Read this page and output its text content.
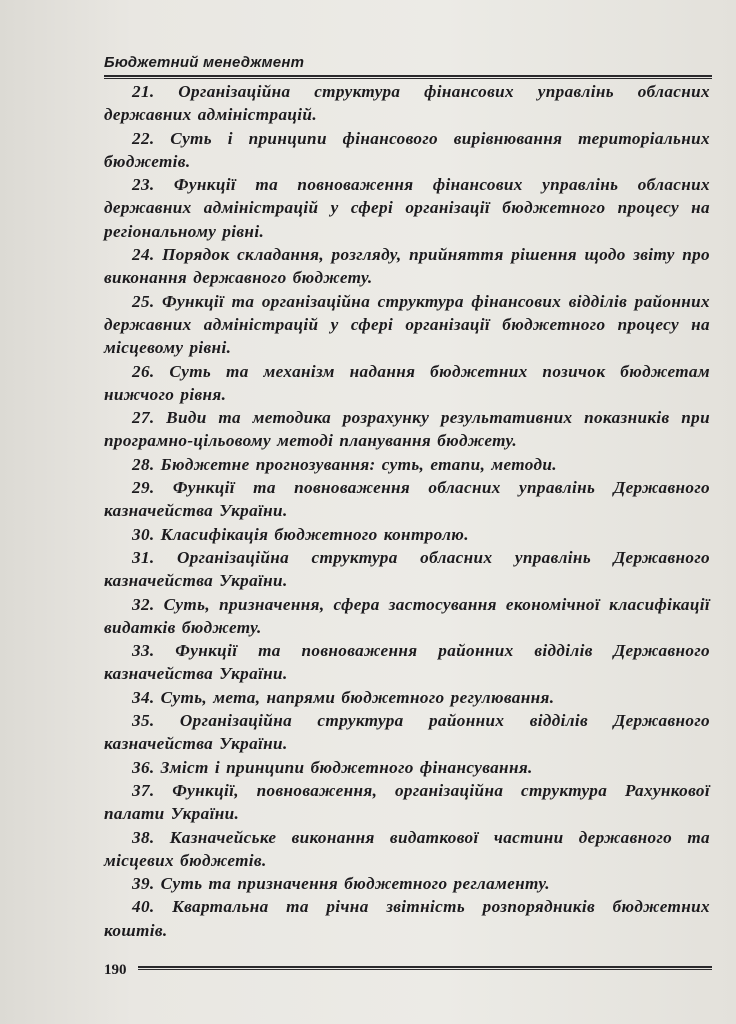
Бюджетний менеджмент

21. Організаційна структура фінансових управлінь обласних державних адміністрацій.

22. Суть і принципи фінансового вирівнювання територіальних бюджетів.

23. Функції та повноваження фінансових управлінь обласних державних адміністрацій у сфері організації бюджетного процесу на регіональному рівні.

24. Порядок складання, розгляду, прийняття рішення щодо звіту про виконання державного бюджету.

25. Функції та організаційна структура фінансових відділів районних державних адміністрацій у сфері організації бюджетного процесу на місцевому рівні.

26. Суть та механізм надання бюджетних позичок бюджетам нижчого рівня.

27. Види та методика розрахунку результативних показників при програмно-цільовому методі планування бюджету.

28. Бюджетне прогнозування: суть, етапи, методи.

29. Функції та повноваження обласних управлінь Державного казначейства України.

30. Класифікація бюджетного контролю.

31. Організаційна структура обласних управлінь Державного казначейства України.

32. Суть, призначення, сфера застосування економічної класифікації видатків бюджету.

33. Функції та повноваження районних відділів Державного казначейства України.

34. Суть, мета, напрями бюджетного регулювання.

35. Організаційна структура районних відділів Державного казначейства України.

36. Зміст і принципи бюджетного фінансування.

37. Функції, повноваження, організаційна структура Рахункової палати України.

38. Казначейське виконання видаткової частини державного та місцевих бюджетів.

39. Суть та призначення бюджетного регламенту.

40. Квартальна та річна звітність розпорядників бюджетних коштів.

190
